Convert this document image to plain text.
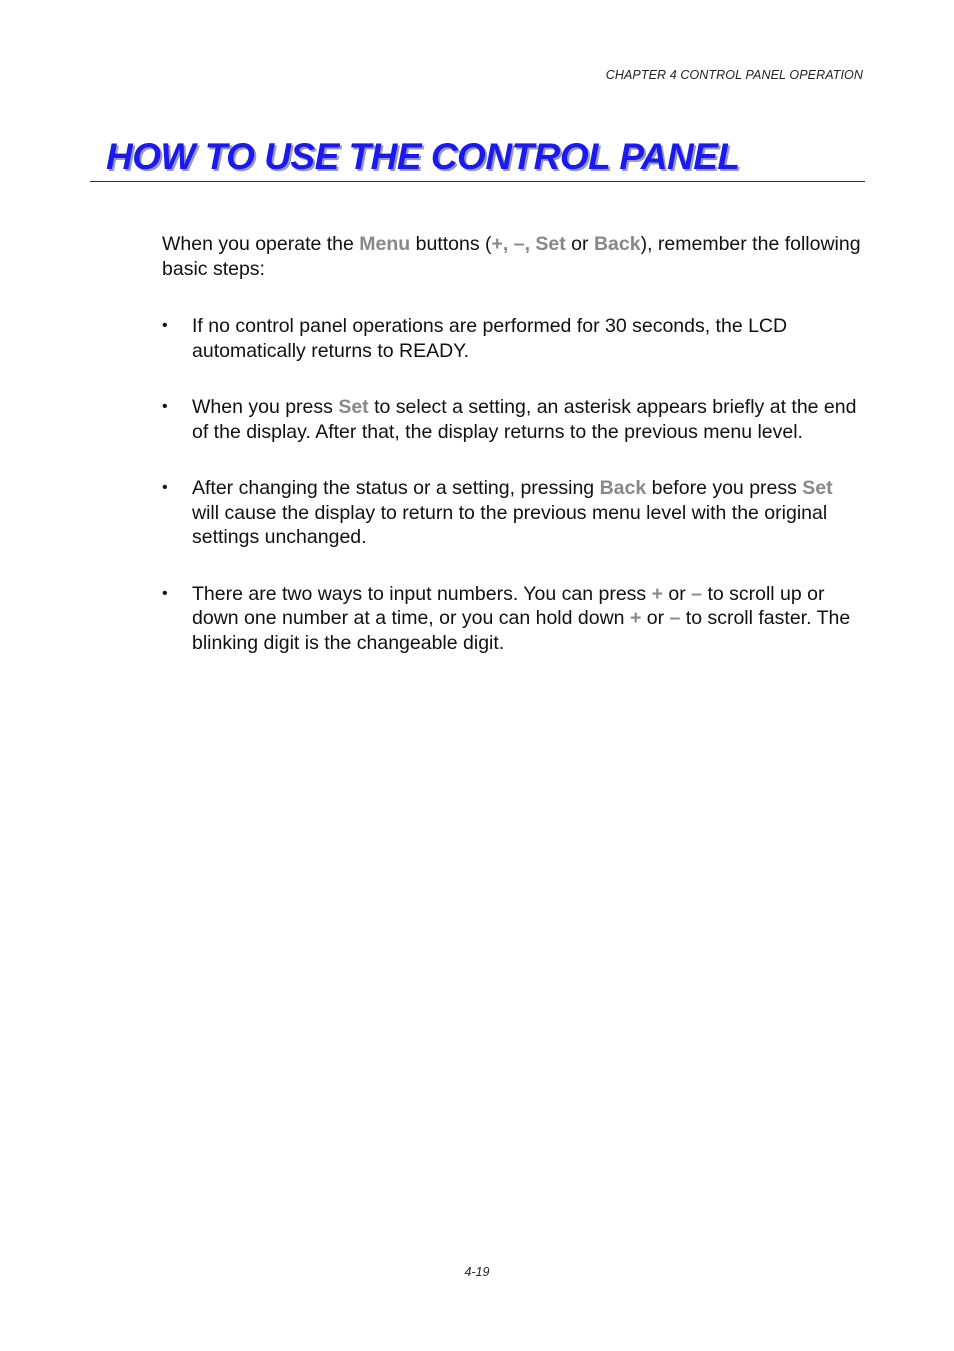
CHAPTER 4 CONTROL PANEL OPERATION
HOW TO USE THE CONTROL PANEL

When you operate the Menu buttons (+, –, Set or Back), remember the following basic steps:

• If no control panel operations are performed for 30 seconds, the LCD automatically returns to READY.
• When you press Set to select a setting, an asterisk appears briefly at the end of the display. After that, the display returns to the previous menu level.
• After changing the status or a setting, pressing Back before you press Set will cause the display to return to the previous menu level with the original settings unchanged.
• There are two ways to input numbers. You can press + or – to scroll up or down one number at a time, or you can hold down + or – to scroll faster. The blinking digit is the changeable digit.
4-19
